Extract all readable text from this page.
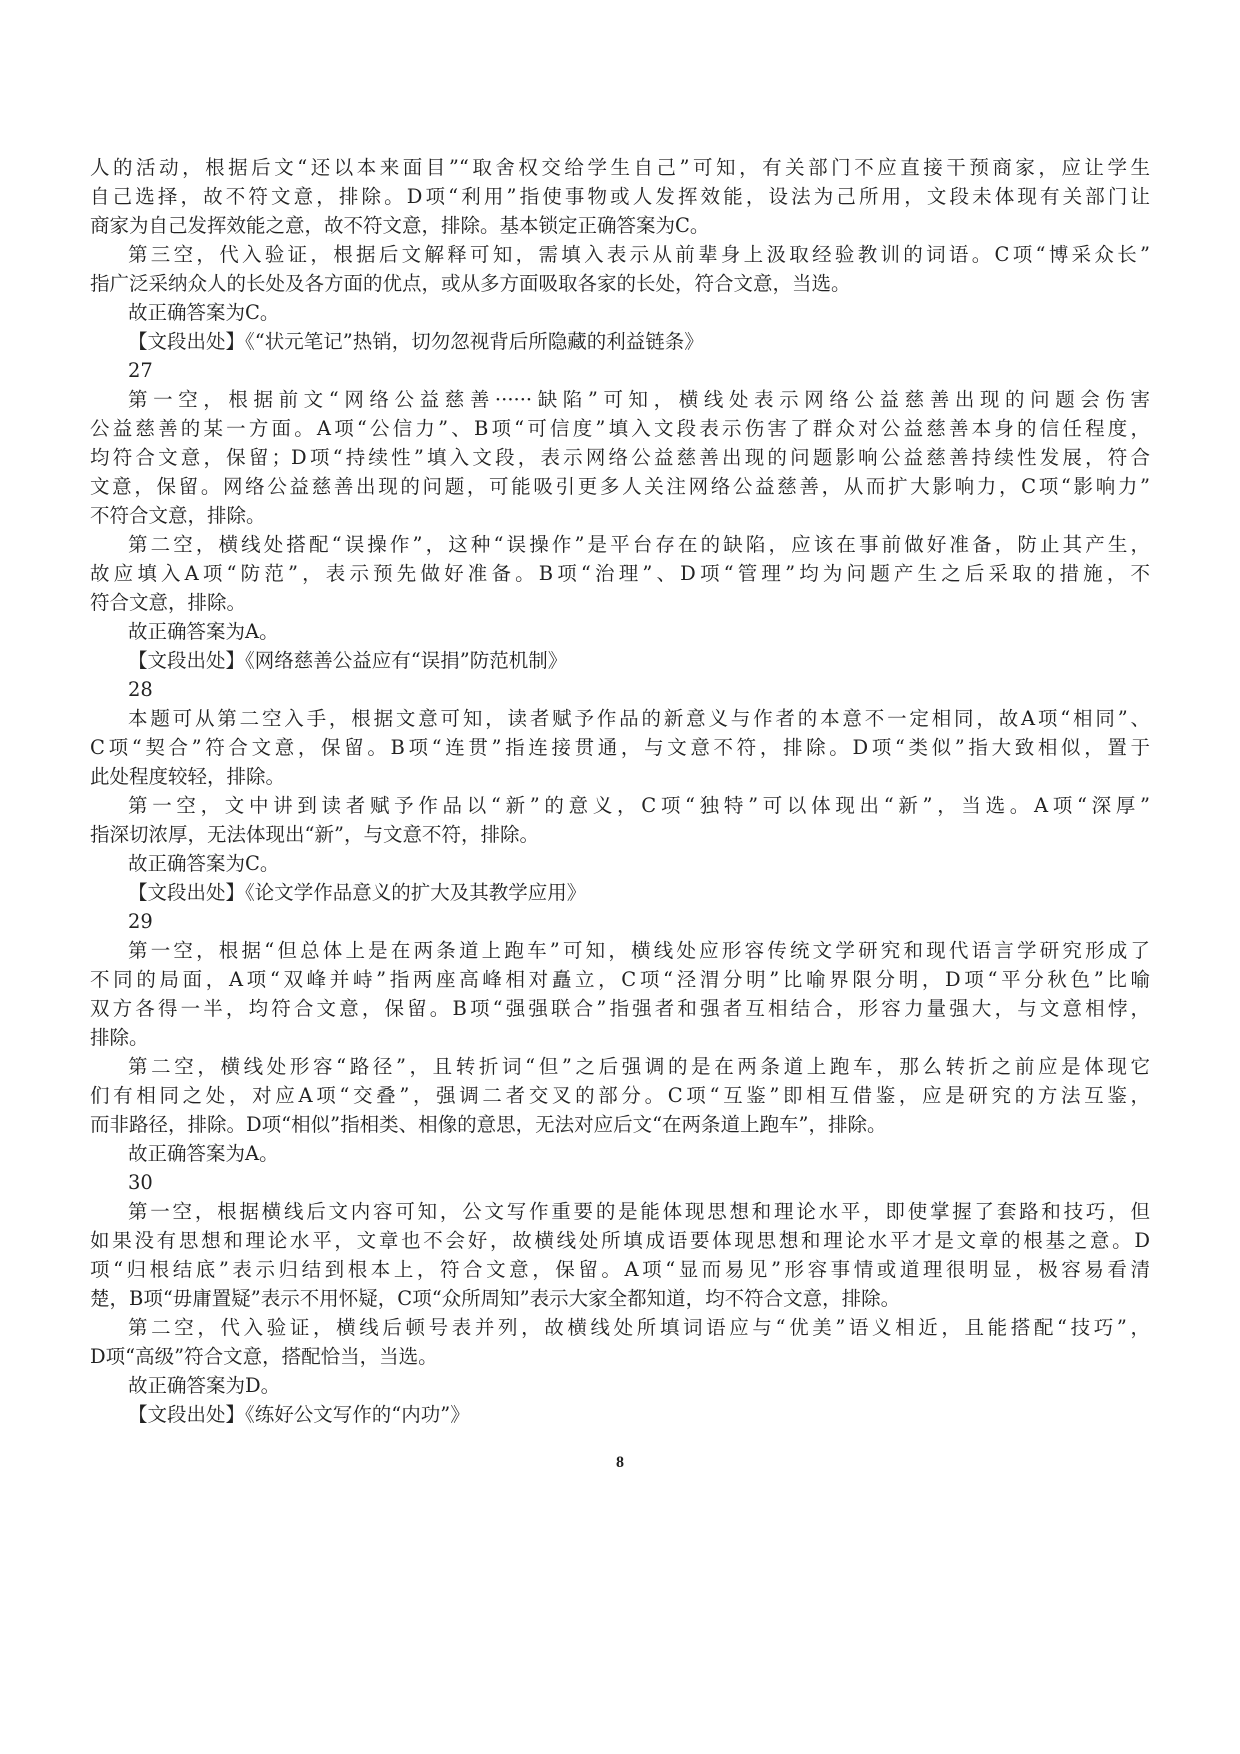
人的活动，根据后文“还以本来面目”“取舍权交给学生自己”可知，有关部门不应直接干预商家，应让学生
自己选择，故不符文意，排除。D项“利用”指使事物或人发挥效能，设法为己所用，文段未体现有关部门让
商家为自己发挥效能之意，故不符文意，排除。基本锁定正确答案为C。
第三空，代入验证，根据后文解释可知，需填入表示从前辈身上汲取经验教训的词语。C项“博采众长”
指广泛采纳众人的长处及各方面的优点，或从多方面吸取各家的长处，符合文意，当选。
故正确答案为C。
【文段出处】《“状元笔记”热销，切勿忽视背后所隐藏的利益链条》
27
第一空，根据前文“网络公益慈善······缺陷”可知，横线处表示网络公益慈善出现的问题会伤害
公益慈善的某一方面。A项“公信力”、B项“可信度”填入文段表示伤害了群众对公益慈善本身的信任程度，
均符合文意，保留；D项“持续性”填入文段，表示网络公益慈善出现的问题影响公益慈善持续性发展，符合
文意，保留。网络公益慈善出现的问题，可能吸引更多人关注网络公益慈善，从而扩大影响力，C项“影响力”
不符合文意，排除。
第二空，横线处搭配“误操作”，这种“误操作”是平台存在的缺陷，应该在事前做好准备，防止其产生，
故应填入A项“防范”，表示预先做好准备。B项“治理”、D项“管理”均为问题产生之后采取的措施，不
符合文意，排除。
故正确答案为A。
【文段出处】《网络慈善公益应有“误捐”防范机制》
28
本题可从第二空入手，根据文意可知，读者赋予作品的新意义与作者的本意不一定相同，故A项“相同”、
C项“契合”符合文意，保留。B项“连贯”指连接贯通，与文意不符，排除。D项“类似”指大致相似，置于
此处程度较轻，排除。
第一空，文中讲到读者赋予作品以“新”的意义，C项“独特”可以体现出“新”，当选。A项“深厚”
指深切浓厚，无法体现出“新”，与文意不符，排除。
故正确答案为C。
【文段出处】《论文学作品意义的扩大及其教学应用》
29
第一空，根据“但总体上是在两条道上跑车”可知，横线处应形容传统文学研究和现代语言学研究形成了
不同的局面，A项“双峰并峙”指两座高峰相对矗立，C项“泾渭分明”比喻界限分明，D项“平分秋色”比喻
双方各得一半，均符合文意，保留。B项“强强联合”指强者和强者互相结合，形容力量强大，与文意相悖，
排除。
第二空，横线处形容“路径”，且转折词“但”之后强调的是在两条道上跑车，那么转折之前应是体现它
们有相同之处，对应A项“交叠”，强调二者交叉的部分。C项“互鉴”即相互借鉴，应是研究的方法互鉴，
而非路径，排除。D项“相似”指相类、相像的意思，无法对应后文“在两条道上跑车”，排除。
故正确答案为A。
30
第一空，根据横线后文内容可知，公文写作重要的是能体现思想和理论水平，即使掌握了套路和技巧，但
如果没有思想和理论水平，文章也不会好，故横线处所填成语要体现思想和理论水平才是文章的根基之意。D
项“归根结底”表示归结到根本上，符合文意，保留。A项“显而易见”形容事情或道理很明显，极容易看清
楚，B项“毋庸置疑”表示不用怀疑，C项“众所周知”表示大家全都知道，均不符合文意，排除。
第二空，代入验证，横线后顿号表并列，故横线处所填词语应与“优美”语义相近，且能搭配“技巧”，
D项“高级”符合文意，搭配恰当，当选。
故正确答案为D。
【文段出处】《练好公文写作的“内功”》
8
